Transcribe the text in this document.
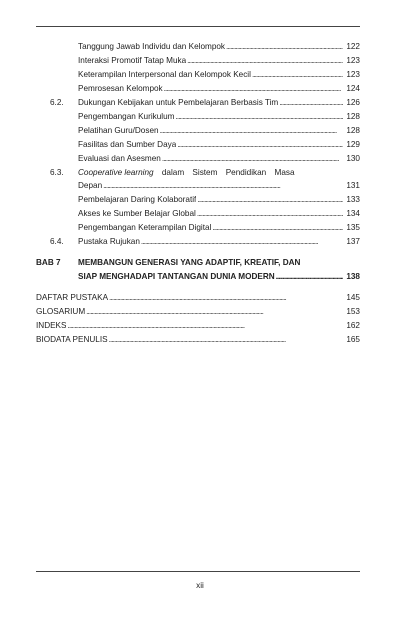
Tanggung Jawab Individu dan Kelompok . . .	122
Interaksi Promotif Tatap Muka . . .	123
Keterampilan Interpersonal dan Kelompok Kecil . . .	123
Pemrosesan Kelompok . . .	124
6.2. Dukungan Kebijakan untuk Pembelajaran Berbasis Tim . . .	126
Pengembangan Kurikulum . . .	128
Pelatihan Guru/Dosen . . .	128
Fasilitas dan Sumber Daya . . .	129
Evaluasi dan Asesmen . . .	130
6.3. Cooperative learning dalam Sistem Pendidikan Masa
Depan . . .	131
Pembelajaran Daring Kolaboratif . . .	133
Akses ke Sumber Belajar Global . . .	134
Pengembangan Keterampilan Digital . . .	135
6.4. Pustaka Rujukan . . .	137
BAB 7 MEMBANGUN GENERASI YANG ADAPTIF, KREATIF, DAN
SIAP MENGHADAPI TANTANGAN DUNIA MODERN . . .	138
DAFTAR PUSTAKA . . .	145
GLOSARIUM . . .	153
INDEKS . . .	162
BIODATA PENULIS . . .	165
xii
